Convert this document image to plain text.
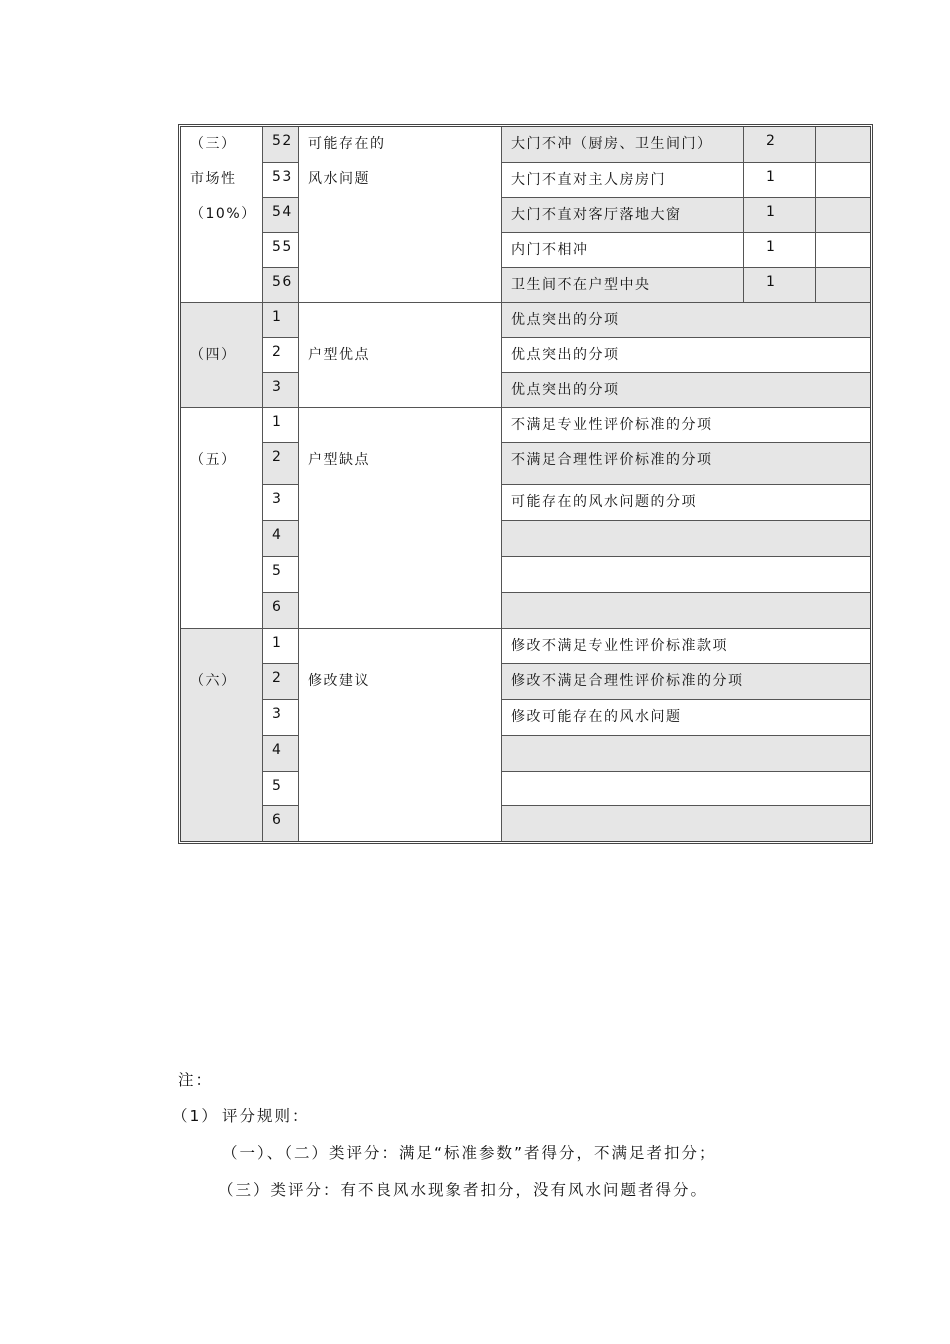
（三）
市场性
（10%）
可能存在的
风水问题
52	大门不冲（厨房、卫生间门）	2
53	大门不直对主人房房门	1
54	大门不直对客厅落地大窗	1
55	内门不相冲	1
56	卫生间不在户型中央	1
（四）	户型优点
1	优点突出的分项
2	优点突出的分项
3	优点突出的分项
（五）	户型缺点
1	不满足专业性评价标准的分项
2	不满足合理性评价标准的分项
3	可能存在的风水问题的分项
4
5
6
（六）	修改建议
1	修改不满足专业性评价标准款项
2	修改不满足合理性评价标准的分项
3	修改可能存在的风水问题
4
5
6
注：
（1） 评分规则：
（一）、（二）类评分：满足“标准参数”者得分，不满足者扣分；
（三）类评分：有不良风水现象者扣分，没有风水问题者得分。
